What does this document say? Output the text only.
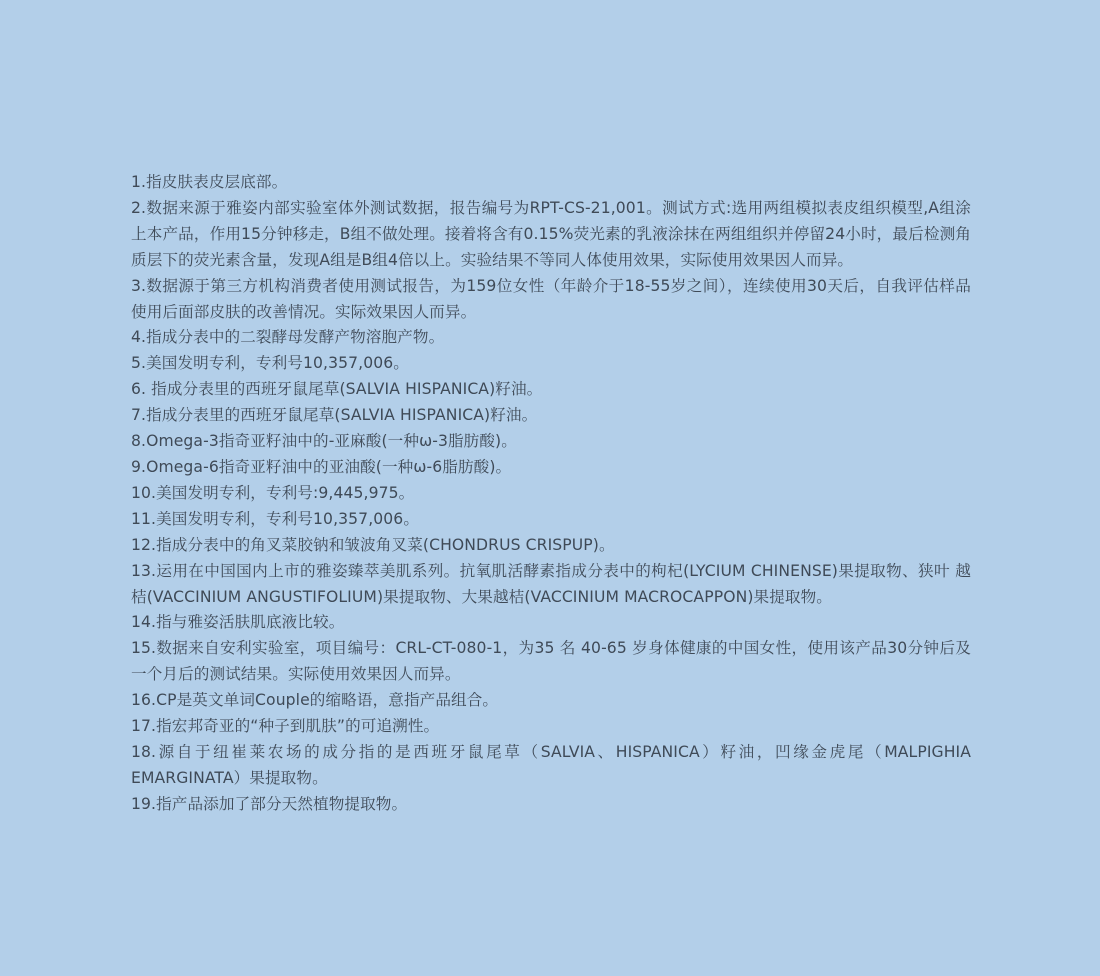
1.指皮肤表皮层底部。

2.数据来源于雅姿内部实验室体外测试数据，报告编号为RPT-CS-21,001。测试方式:选用两组模拟表皮组织模型,A组涂上本产品，作用15分钟移走，B组不做处理。接着将含有0.15%荧光素的乳液涂抹在两组组织并停留24小时，最后检测角质层下的荧光素含量，发现A组是B组4倍以上。实验结果不等同人体使用效果，实际使用效果因人而异。

3.数据源于第三方机构消费者使用测试报告，为159位女性（年龄介于18-55岁之间），连续使用30天后，自我评估样品使用后面部皮肤的改善情况。实际效果因人而异。

4.指成分表中的二裂酵母发酵产物溶胞产物。

5.美国发明专利，专利号10,357,006。

6. 指成分表里的西班牙鼠尾草(SALVIA HISPANICA)籽油。

7.指成分表里的西班牙鼠尾草(SALVIA HISPANICA)籽油。

8.Omega-3指奇亚籽油中的-亚麻酸(一种ω-3脂肪酸)。

9.Omega-6指奇亚籽油中的亚油酸(一种ω-6脂肪酸)。

10.美国发明专利，专利号:9,445,975。

11.美国发明专利，专利号10,357,006。

12.指成分表中的角叉菜胶钠和皱波角叉菜(CHONDRUS CRISPUP)。

13.运用在中国国内上市的雅姿臻萃美肌系列。抗氧肌活酵素指成分表中的枸杞(LYCIUM CHINENSE)果提取物、狭叶 越桔(VACCINIUM ANGUSTIFOLIUM)果提取物、大果越桔(VACCINIUM MACROCAPPON)果提取物。

14.指与雅姿活肤肌底液比较。

15.数据来自安利实验室，项目编号：CRL-CT-080-1，为35 名 40-65 岁身体健康的中国女性，使用该产品30分钟后及一个月后的测试结果。实际使用效果因人而异。

16.CP是英文单词Couple的缩略语，意指产品组合。

17.指宏邦奇亚的“种子到肌肤”的可追溯性。

18.源自于纽崔莱农场的成分指的是西班牙鼠尾草（SALVIA、HISPANICA）籽油，凹缘金虎尾（MALPIGHIA EMARGINATA）果提取物。

19.指产品添加了部分天然植物提取物。
